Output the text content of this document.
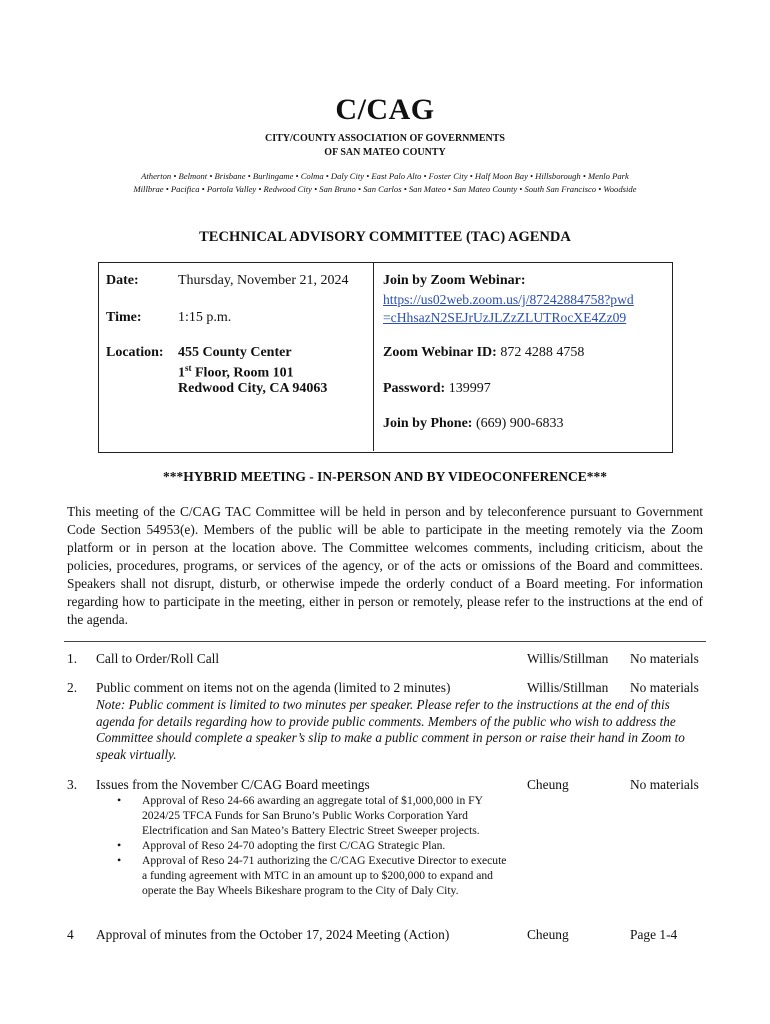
C/CAG
CITY/COUNTY ASSOCIATION OF GOVERNMENTS
OF SAN MATEO COUNTY
Atherton • Belmont • Brisbane • Burlingame • Colma • Daly City • East Palo Alto • Foster City • Half Moon Bay • Hillsborough • Menlo Park
Millbrae • Pacifica • Portola Valley • Redwood City • San Bruno • San Carlos • San Mateo • San Mateo County • South San Francisco • Woodside
TECHNICAL ADVISORY COMMITTEE (TAC) AGENDA
Date:	Thursday, November 21, 2024
Time:	1:15 p.m.
Location: 455 County Center
1st Floor, Room 101
Redwood City, CA 94063
Join by Zoom Webinar:
https://us02web.zoom.us/j/87242884758?pwd
=cHhsazN2SEJrUzJLZzZLUTRocXE4Zz09
Zoom Webinar ID: 872 4288 4758
Password: 139997
Join by Phone: (669) 900-6833
***HYBRID MEETING - IN-PERSON AND BY VIDEOCONFERENCE***
This meeting of the C/CAG TAC Committee will be held in person and by teleconference pursuant to Government Code Section 54953(e). Members of the public will be able to participate in the meeting remotely via the Zoom platform or in person at the location above. The Committee welcomes comments, including criticism, about the policies, procedures, programs, or services of the agency, or of the acts or omissions of the Board and committees. Speakers shall not disrupt, disturb, or otherwise impede the orderly conduct of a Board meeting. For information regarding how to participate in the meeting, either in person or remotely, please refer to the instructions at the end of the agenda.
1. Call to Order/Roll Call	Willis/Stillman No materials
2. Public comment on items not on the agenda (limited to 2 minutes)	Willis/Stillman No materials
Note: Public comment is limited to two minutes per speaker. Please refer to the instructions at the end of this agenda for details regarding how to provide public comments. Members of the public who wish to address the Committee should complete a speaker’s slip to make a public comment in person or raise their hand in Zoom to speak virtually.
3. Issues from the November C/CAG Board meetings	Cheung	No materials
• Approval of Reso 24-66 awarding an aggregate total of $1,000,000 in FY 2024/25 TFCA Funds for San Bruno’s Public Works Corporation Yard Electrification and San Mateo’s Battery Electric Street Sweeper projects.
• Approval of Reso 24-70 adopting the first C/CAG Strategic Plan.
• Approval of Reso 24-71 authorizing the C/CAG Executive Director to execute a funding agreement with MTC in an amount up to $200,000 to expand and operate the Bay Wheels Bikeshare program to the City of Daly City.
4 Approval of minutes from the October 17, 2024 Meeting (Action)	Cheung	Page 1-4
